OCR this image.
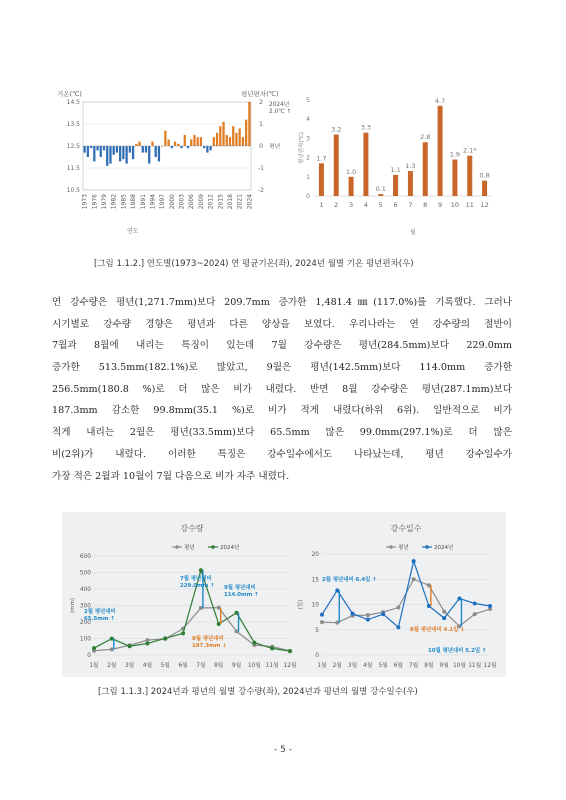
기온(℃)	평년편차(℃)
14.5	2
13.5	1
12.5	0
11.5	-1
10.5	-2
1973 1976 1979 1982 1985 1988 1991 1994 1997 2000 2003 2006 2009 2012 2015 2018 2021 2024
연도
2024년
2.0℃ ↑
평년
5
4
3
2
1
0
평년편차(℃) 1.7
1
3.2
2
1.0
3
3.3
4
0.1
5
1.1
6
1.3
7
2.8
8
4.7
9
1.9
10
2.1*
11
0.8
12
월
[그림 1.1.2.] 연도별(1973~2024) 연 평균기온(좌), 2024년 월별 기온 평년편차(우)
연 강수량은 평년(1,271.7mm)보다 209.7mm 증가한 1,481.4㎜(117.0%)를 기록했다. 그러나
시기별로 강수량 경향은 평년과 다른 양상을 보였다. 우리나라는 연 강수량의 절반이
7월과 8월에 내리는 특징이 있는데 7월 강수량은 평년(284.5mm)보다 229.0mm
증가한 513.5mm(182.1%)로 많았고, 9월은 평년(142.5mm)보다 114.0mm 증가한
256.5mm(180.8 %)로 더 많은 비가 내렸다. 반면 8월 강수량은 평년(287.1mm)보다
187.3mm 감소한 99.8mm(35.1 %)로 비가 적게 내렸다(하위 6위). 일반적으로 비가
적게 내리는 2월은 평년(33.5mm)보다 65.5mm 많은 99.0mm(297.1%)로 더 많은
비(2위)가 내렸다. 이러한 특징은 강수일수에서도 나타났는데, 평년 강수일수가
가장 적은 2월과 10월이 7월 다음으로 비가 자주 내렸다.
강수량
0
100
200
300
400
500
600
(mm)
1월 2월 3월 4월 5월 6월 7월 8월 9월 10월 11월 12월
평년	2024년
2월 평년대비
65.5mm ↑
7월 평년대비
229.0mm ↑
8월 평년대비
187.3mm ↓
9월 평년대비
114.0mm ↑
강수일수
0
5
10
15
20
(일)
1월 2월 3월 4월 5월 6월 7월 8월 9월 10월 11월 12월
평년	2024년
2월 평년대비 6.4일 ↑
8월 평년대비 4.1일 ↓
10월 평년대비 5.2일 ↑
[그림 1.1.3.] 2024년과 평년의 월별 강수량(좌), 2024년과 평년의 월별 강수일수(우)
- 5 -
